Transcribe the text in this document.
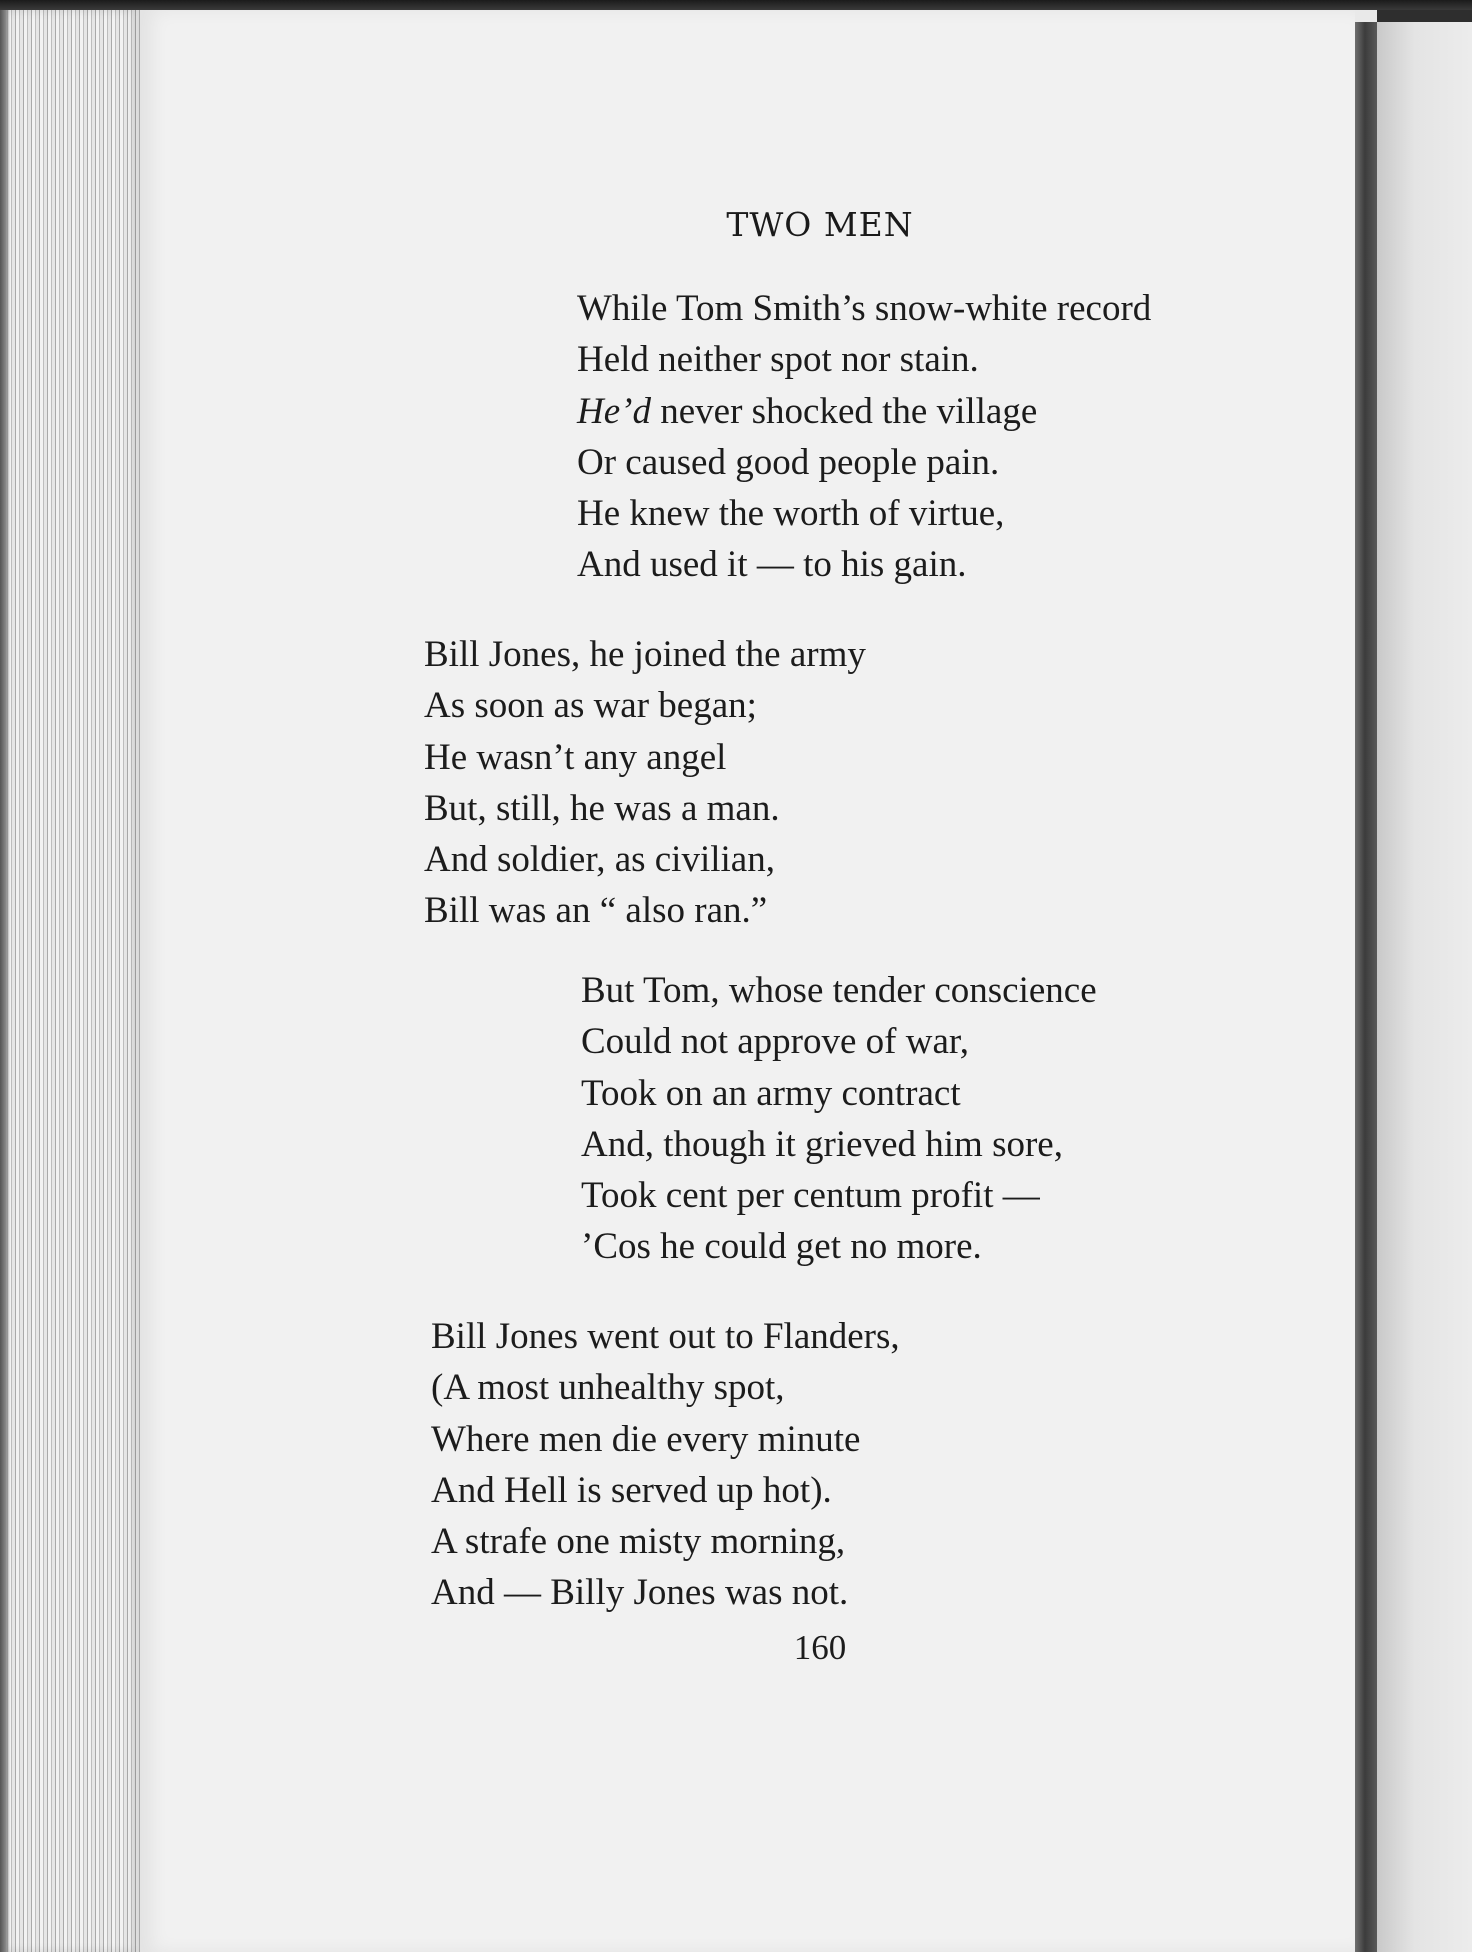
TWO MEN
While Tom Smith’s snow-white record
Held neither spot nor stain.
He’d never shocked the village
Or caused good people pain.
He knew the worth of virtue,
And used it — to his gain.
Bill Jones, he joined the army
As soon as war began;
He wasn’t any angel
But, still, he was a man.
And soldier, as civilian,
Bill was an “ also ran.”
But Tom, whose tender conscience
Could not approve of war,
Took on an army contract
And, though it grieved him sore,
Took cent per centum profit —
’Cos he could get no more.
Bill Jones went out to Flanders,
(A most unhealthy spot,
Where men die every minute
And Hell is served up hot).
A strafe one misty morning,
And — Billy Jones was not.
160
